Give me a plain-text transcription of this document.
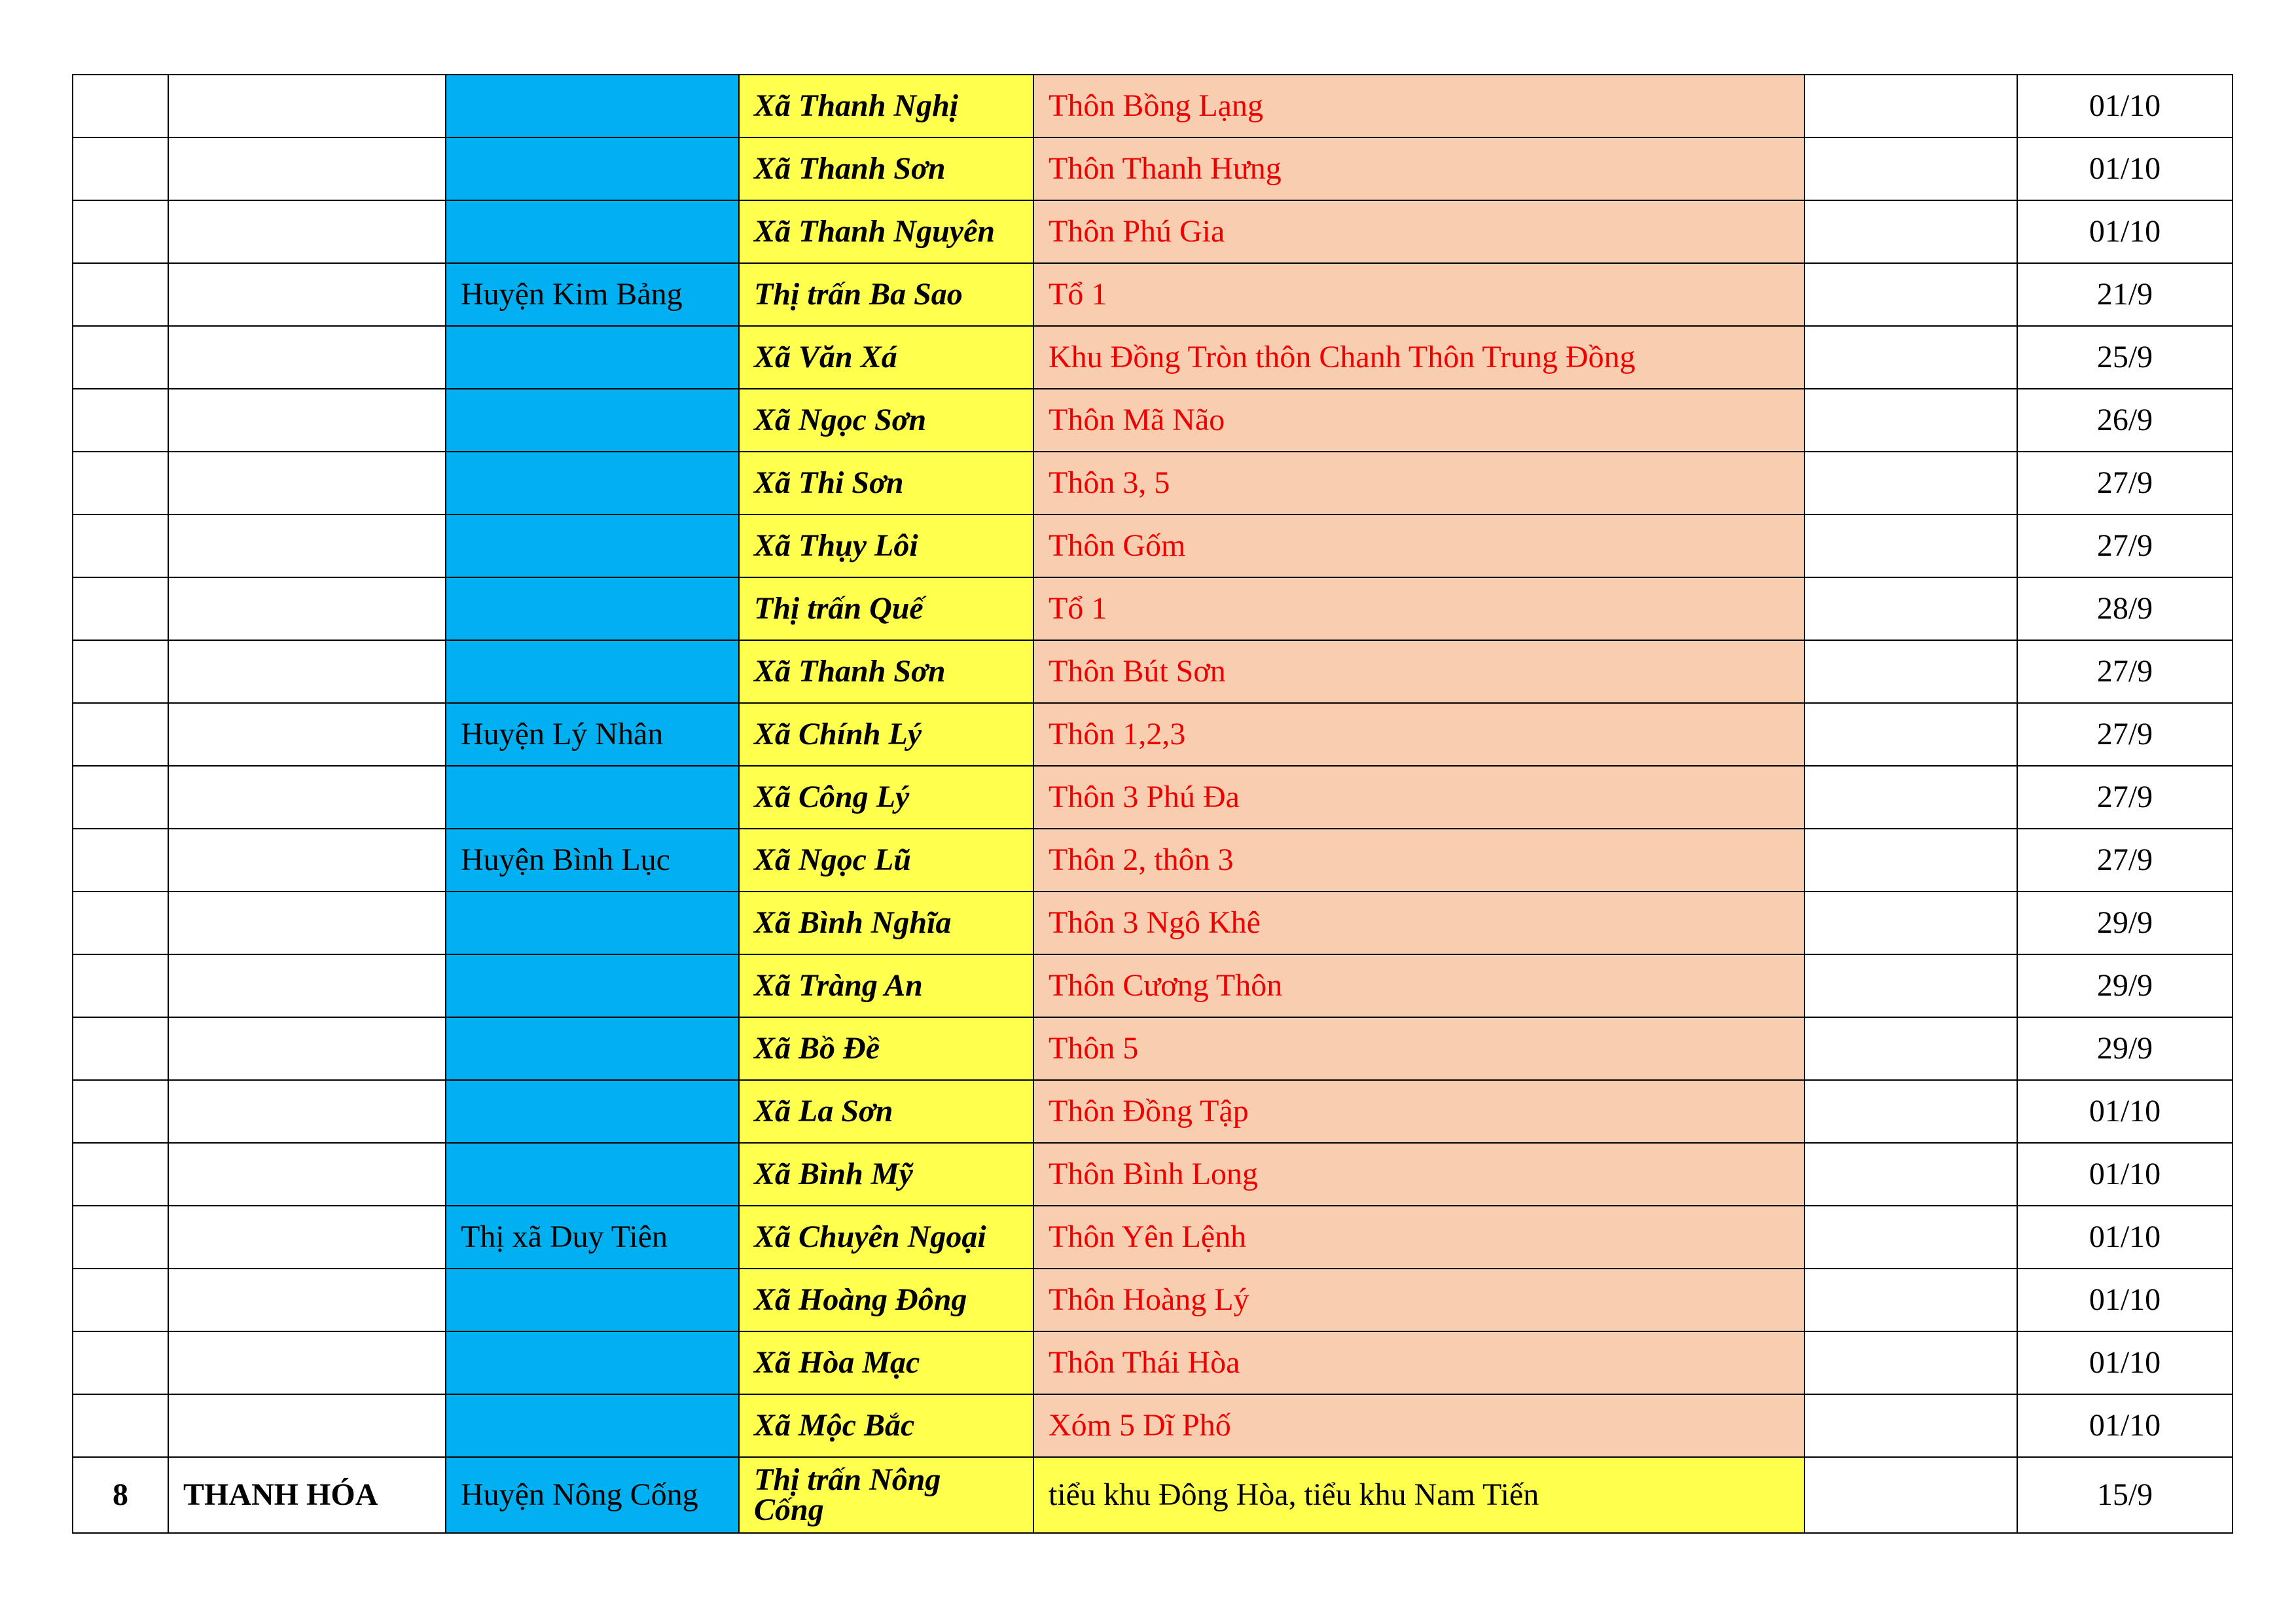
			Xã Thanh Nghị	Thôn Bồng Lạng		01/10
			Xã Thanh Sơn	Thôn Thanh Hưng		01/10
			Xã Thanh Nguyên	Thôn Phú Gia		01/10
		Huyện Kim Bảng	Thị trấn Ba Sao	Tổ 1		21/9
			Xã Văn Xá	Khu Đồng Tròn thôn Chanh Thôn Trung Đồng		25/9
			Xã Ngọc Sơn	Thôn Mã Não		26/9
			Xã Thi Sơn	Thôn 3, 5		27/9
			Xã Thụy Lôi	Thôn Gốm		27/9
			Thị trấn Quế	Tổ 1		28/9
			Xã Thanh Sơn	Thôn Bút Sơn		27/9
		Huyện Lý Nhân	Xã Chính Lý	Thôn 1,2,3		27/9
			Xã Công Lý	Thôn 3 Phú Đa		27/9
		Huyện Bình Lục	Xã Ngọc Lũ	Thôn 2, thôn 3		27/9
			Xã Bình Nghĩa	Thôn 3 Ngô Khê		29/9
			Xã Tràng An	Thôn Cương Thôn		29/9
			Xã Bồ Đề	Thôn 5		29/9
			Xã La Sơn	Thôn Đồng Tập		01/10
			Xã Bình Mỹ	Thôn Bình Long		01/10
		Thị xã Duy Tiên	Xã Chuyên Ngoại	Thôn Yên Lệnh		01/10
			Xã Hoàng Đông	Thôn Hoàng Lý		01/10
			Xã Hòa Mạc	Thôn Thái Hòa		01/10
			Xã Mộc Bắc	Xóm 5 Dĩ Phố		01/10
8	THANH HÓA	Huyện Nông Cống	Thị trấn Nông Cống	tiểu khu Đông Hòa, tiểu khu Nam Tiến		15/9
